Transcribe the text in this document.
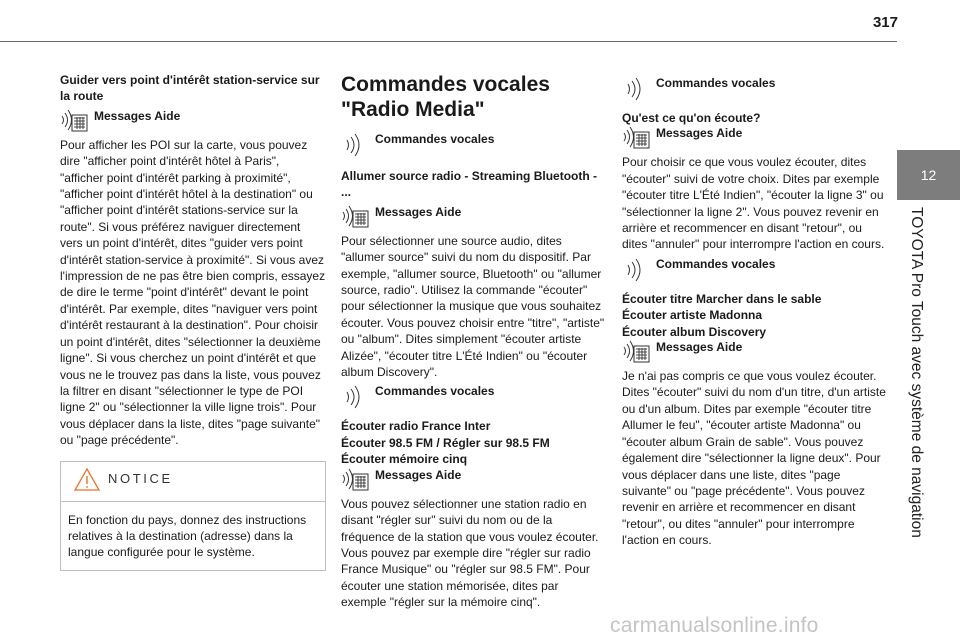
317
12
TOYOTA Pro Touch avec système de navigation

Guider vers point d'intérêt station-service sur la route

Messages Aide

Pour afficher les POI sur la carte, vous pouvez dire "afficher point d'intérêt hôtel à Paris", "afficher point d'intérêt parking à proximité", "afficher point d'intérêt hôtel à la destination" ou "afficher point d'intérêt stations-service sur la route". Si vous préférez naviguer directement vers un point d'intérêt, dites "guider vers point d'intérêt station-service à proximité". Si vous avez l'impression de ne pas être bien compris, essayez de dire le terme "point d'intérêt" devant le point d'intérêt. Par exemple, dites "naviguer vers point d'intérêt restaurant à la destination". Pour choisir un point d'intérêt, dites "sélectionner la deuxième ligne". Si vous cherchez un point d'intérêt et que vous ne le trouvez pas dans la liste, vous pouvez la filtrer en disant "sélectionner le type de POI ligne 2" ou "sélectionner la ville ligne trois". Pour vous déplacer dans la liste, dites "page suivante" ou "page précédente".

NOTICE

En fonction du pays, donnez des instructions relatives à la destination (adresse) dans la langue configurée pour le système.

Commandes vocales "Radio Media"

Commandes vocales

Allumer source radio - Streaming Bluetooth - ...

Messages Aide

Pour sélectionner une source audio, dites "allumer source" suivi du nom du dispositif. Par exemple, "allumer source, Bluetooth" ou "allumer source, radio". Utilisez la commande "écouter" pour sélectionner la musique que vous souhaitez écouter. Vous pouvez choisir entre "titre", "artiste" ou "album". Dites simplement "écouter artiste Alizée", "écouter titre L'Été Indien" ou "écouter album Discovery".

Commandes vocales

Écouter radio France Inter

Écouter 98.5 FM / Régler sur 98.5 FM

Écouter mémoire cinq

Messages Aide

Vous pouvez sélectionner une station radio en disant "régler sur" suivi du nom ou de la fréquence de la station que vous voulez écouter. Vous pouvez par exemple dire "régler sur radio France Musique" ou "régler sur 98.5 FM". Pour écouter une station mémorisée, dites par exemple "régler sur la mémoire cinq".

Commandes vocales

Qu'est ce qu'on écoute?

Messages Aide

Pour choisir ce que vous voulez écouter, dites "écouter" suivi de votre choix. Dites par exemple "écouter titre L'Été Indien", "écouter la ligne 3" ou "sélectionner la ligne 2". Vous pouvez revenir en arrière et recommencer en disant "retour", ou dites "annuler" pour interrompre l'action en cours.

Commandes vocales

Écouter titre Marcher dans le sable

Écouter artiste Madonna

Écouter album Discovery

Messages Aide

Je n'ai pas compris ce que vous voulez écouter. Dites "écouter" suivi du nom d'un titre, d'un artiste ou d'un album. Dites par exemple "écouter titre Allumer le feu", "écouter artiste Madonna" ou "écouter album Grain de sable". Vous pouvez également dire "sélectionner la ligne deux". Pour vous déplacer dans une liste, dites "page suivante" ou "page précédente". Vous pouvez revenir en arrière et recommencer en disant "retour", ou dites "annuler" pour interrompre l'action en cours.

carmanualsonline.info
